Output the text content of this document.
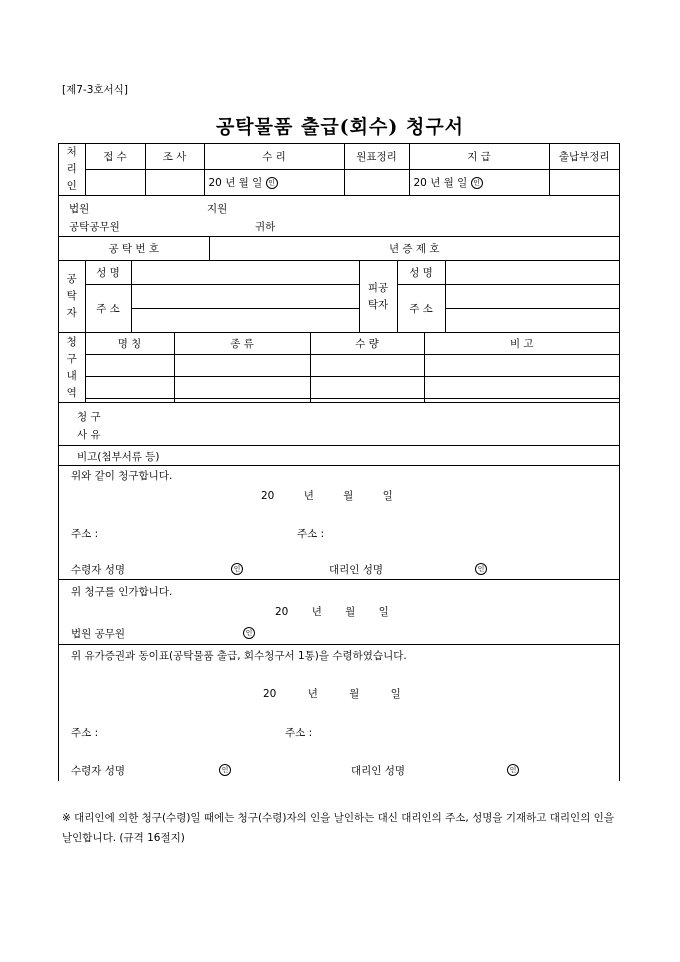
[제7-3호서식]
공탁물품 출급(회수) 청구서
처리인	접 수	조 사	수 리	원표정리	지 급	출납부정리
			20 년 월 일 인		20 년 월 일 인	
법원	지원
공탁공무원	귀하
공 탁 번 호	년 증 제 호
공탁자	성 명		피공탁자	성 명	
	주 소			주 소	

청구내역	명 칭	종 류	수 량	비 고

청 구
사 유
비고(첨부서류 등)
위와 같이 청구합니다.
20 년 월 일
주소 :	주소 :
수령자 성명	인	대리인 성명	인
위 청구를 인가합니다.
20 년 월 일
법원 공무원	인
위 유가증권과 동이표(공탁물품 출급, 회수청구서 1통)을 수령하였습니다.
20 년 월 일
주소 :	주소 :
수령자 성명	인	대리인 성명	인
※ 대리인에 의한 청구(수령)일 때에는 청구(수령)자의 인을 날인하는 대신 대리인의 주소, 성명을 기재하고 대리인의 인을 날인합니다. (규격 16절지)
